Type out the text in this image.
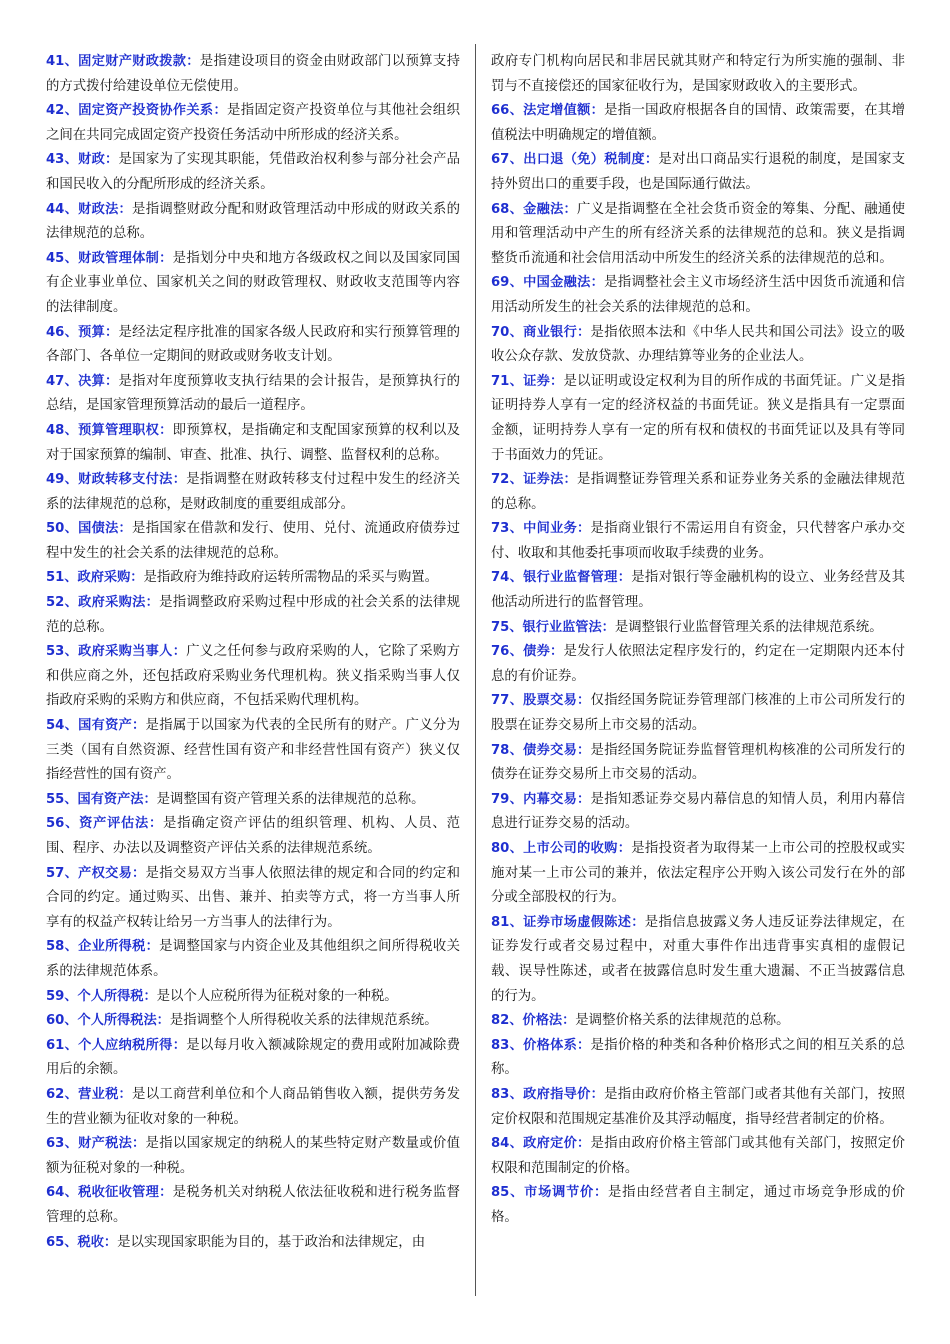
41、固定财产财政拨款：是指建设项目的资金由财政部门以预算支持的方式拨付给建设单位无偿使用。

42、固定资产投资协作关系：是指固定资产投资单位与其他社会组织之间在共同完成固定资产投资任务活动中所形成的经济关系。

43、财政：是国家为了实现其职能，凭借政治权利参与部分社会产品和国民收入的分配所形成的经济关系。

44、财政法：是指调整财政分配和财政管理活动中形成的财政关系的法律规范的总称。

45、财政管理体制：是指划分中央和地方各级政权之间以及国家同国有企业事业单位、国家机关之间的财政管理权、财政收支范围等内容的法律制度。

46、预算：是经法定程序批准的国家各级人民政府和实行预算管理的各部门、各单位一定期间的财政或财务收支计划。

47、决算：是指对年度预算收支执行结果的会计报告，是预算执行的总结，是国家管理预算活动的最后一道程序。

48、预算管理职权：即预算权，是指确定和支配国家预算的权利以及对于国家预算的编制、审查、批准、执行、调整、监督权利的总称。

49、财政转移支付法：是指调整在财政转移支付过程中发生的经济关系的法律规范的总称，是财政制度的重要组成部分。

50、国债法：是指国家在借款和发行、使用、兑付、流通政府债券过程中发生的社会关系的法律规范的总称。

51、政府采购：是指政府为维持政府运转所需物品的采买与购置。

52、政府采购法：是指调整政府采购过程中形成的社会关系的法律规范的总称。

53、政府采购当事人：广义之任何参与政府采购的人，它除了采购方和供应商之外，还包括政府采购业务代理机构。狭义指采购当事人仅指政府采购的采购方和供应商，不包括采购代理机构。

54、国有资产：是指属于以国家为代表的全民所有的财产。广义分为三类（国有自然资源、经营性国有资产和非经营性国有资产）狭义仅指经营性的国有资产。

55、国有资产法：是调整国有资产管理关系的法律规范的总称。

56、资产评估法：是指确定资产评估的组织管理、机构、人员、范围、程序、办法以及调整资产评估关系的法律规范系统。

57、产权交易：是指交易双方当事人依照法律的规定和合同的约定和合同的约定。通过购买、出售、兼并、拍卖等方式，将一方当事人所享有的权益产权转让给另一方当事人的法律行为。

58、企业所得税：是调整国家与内资企业及其他组织之间所得税收关系的法律规范体系。

59、个人所得税：是以个人应税所得为征税对象的一种税。

60、个人所得税法：是指调整个人所得税收关系的法律规范系统。

61、个人应纳税所得：是以每月收入额减除规定的费用或附加减除费用后的余额。

62、营业税：是以工商营利单位和个人商品销售收入额，提供劳务发生的营业额为征收对象的一种税。

63、财产税法：是指以国家规定的纳税人的某些特定财产数量或价值额为征税对象的一种税。

64、税收征收管理：是税务机关对纳税人依法征收税和进行税务监督管理的总称。

65、税收：是以实现国家职能为目的，基于政治和法律规定，由

政府专门机构向居民和非居民就其财产和特定行为所实施的强制、非罚与不直接偿还的国家征收行为，是国家财政收入的主要形式。

66、法定增值额：是指一国政府根据各自的国情、政策需要，在其增值税法中明确规定的增值额。

67、出口退（免）税制度：是对出口商品实行退税的制度，是国家支持外贸出口的重要手段，也是国际通行做法。

68、金融法：广义是指调整在全社会货币资金的筹集、分配、融通使用和管理活动中产生的所有经济关系的法律规范的总和。狭义是指调整货币流通和社会信用活动中所发生的经济关系的法律规范的总和。

69、中国金融法：是指调整社会主义市场经济生活中因货币流通和信用活动所发生的社会关系的法律规范的总和。

70、商业银行：是指依照本法和《中华人民共和国公司法》设立的吸收公众存款、发放贷款、办理结算等业务的企业法人。

71、证券：是以证明或设定权利为目的所作成的书面凭证。广义是指证明持券人享有一定的经济权益的书面凭证。狭义是指具有一定票面金额，证明持券人享有一定的所有权和债权的书面凭证以及具有等同于书面效力的凭证。

72、证券法：是指调整证券管理关系和证券业务关系的金融法律规范的总称。

73、中间业务：是指商业银行不需运用自有资金，只代替客户承办交付、收取和其他委托事项而收取手续费的业务。

74、银行业监督管理：是指对银行等金融机构的设立、业务经营及其他活动所进行的监督管理。

75、银行业监管法：是调整银行业监督管理关系的法律规范系统。

76、债券：是发行人依照法定程序发行的，约定在一定期限内还本付息的有价证券。

77、股票交易：仅指经国务院证券管理部门核准的上市公司所发行的股票在证券交易所上市交易的活动。

78、债券交易：是指经国务院证券监督管理机构核准的公司所发行的债券在证券交易所上市交易的活动。

79、内幕交易：是指知悉证券交易内幕信息的知情人员，利用内幕信息进行证券交易的活动。

80、上市公司的收购：是指投资者为取得某一上市公司的控股权或实施对某一上市公司的兼并，依法定程序公开购入该公司发行在外的部分或全部股权的行为。

81、证券市场虚假陈述：是指信息披露义务人违反证券法律规定，在证券发行或者交易过程中，对重大事件作出违背事实真相的虚假记载、误导性陈述，或者在披露信息时发生重大遗漏、不正当披露信息的行为。

82、价格法：是调整价格关系的法律规范的总称。

83、价格体系：是指价格的种类和各种价格形式之间的相互关系的总称。

83、政府指导价：是指由政府价格主管部门或者其他有关部门，按照定价权限和范围规定基准价及其浮动幅度，指导经营者制定的价格。

84、政府定价：是指由政府价格主管部门或其他有关部门，按照定价权限和范围制定的价格。

85、市场调节价：是指由经营者自主制定，通过市场竞争形成的价格。
